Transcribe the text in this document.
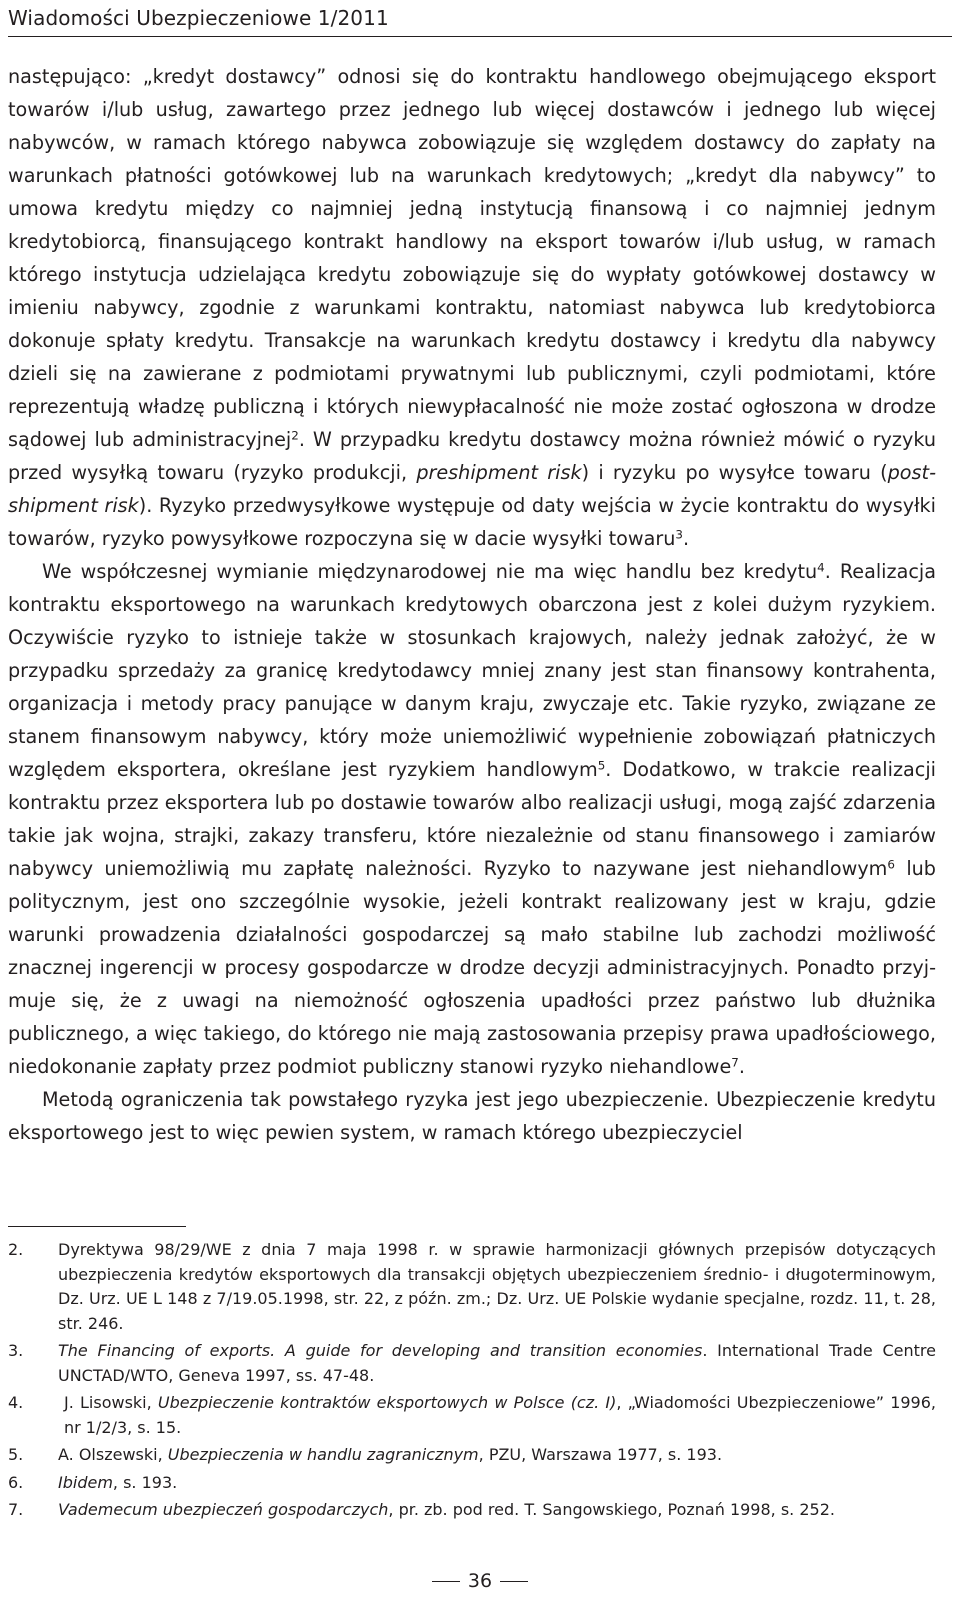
Wiadomości Ubezpieczeniowe 1/2011

następująco: „kredyt dostawcy” odnosi się do kontraktu handlowego obejmującego eksport towarów i/lub usług, zawartego przez jednego lub więcej dostawców i jednego lub więcej nabywców, w ramach którego nabywca zobowiązuje się względem dostawcy do zapłaty na warunkach płatności gotówkowej lub na warunkach kredytowych; „kredyt dla nabywcy” to umowa kredytu między co najmniej jedną instytucją finansową i co najmniej jednym kredytobiorcą, finansującego kontrakt handlowy na eksport towarów i/lub usług, w ramach którego instytucja udzielająca kredytu zobowiązuje się do wypłaty gotówkowej dostawcy w imieniu nabywcy, zgodnie z warunkami kontraktu, natomiast nabywca lub kredytobiorca dokonuje spłaty kredytu. Transakcje na warunkach kredytu dostawcy i kredytu dla nabywcy dzieli się na zawierane z podmiotami prywatnymi lub publicznymi, czyli podmiotami, które reprezentują władzę publiczną i których niewypłacalność nie może zostać ogłoszona w drodze sądowej lub administracyjnej$^2$. W przypadku kredytu dostawcy można również mówić o ryzyku przed wysyłką towaru (ryzyko produkcji, preshipment risk) i ryzyku po wysyłce towaru (post-shipment risk). Ryzyko przedwysyłkowe występuje od daty wejścia w życie kontraktu do wysyłki towarów, ryzyko powysyłkowe rozpoczyna się w dacie wysyłki towaru$^3$.

We współczesnej wymianie międzynarodowej nie ma więc handlu bez kredytu$^4$. Realizacja kontraktu eksportowego na warunkach kredytowych obarczona jest z kolei dużym ryzykiem. Oczywiście ryzyko to istnieje także w stosunkach krajowych, należy jednak założyć, że w przypadku sprzedaży za granicę kredytodawcy mniej znany jest stan finansowy kontrahenta, organizacja i metody pracy panujące w danym kraju, zwyczaje etc. Takie ryzyko, związane ze stanem finansowym nabywcy, który może uniemożliwić wypełnienie zobowiązań płatniczych względem eksportera, określane jest ryzykiem handlowym$^5$. Dodatkowo, w trakcie realizacji kontraktu przez eksportera lub po dostawie towarów albo realizacji usługi, mogą zajść zdarzenia takie jak wojna, strajki, zakazy transferu, które niezależnie od stanu finansowego i zamiarów nabywcy uniemożliwią mu zapłatę należności. Ryzyko to nazywane jest niehandlowym$^6$ lub politycznym, jest ono szczególnie wysokie, jeżeli kontrakt realizowany jest w kraju, gdzie warunki prowadzenia działalności gospodarczej są mało stabilne lub zachodzi możliwość znacznej ingerencji w procesy gospodarcze w drodze decyzji administracyjnych. Ponadto przyjmuje się, że z uwagi na niemożność ogłoszenia upadłości przez państwo lub dłużnika publicznego, a więc takiego, do którego nie mają zastosowania przepisy prawa upadłościowego, niedokonanie zapłaty przez podmiot publiczny stanowi ryzyko niehandlowe$^7$.

Metodą ograniczenia tak powstałego ryzyka jest jego ubezpieczenie. Ubezpieczenie kredytu eksportowego jest to więc pewien system, w ramach którego ubezpieczyciel

2. Dyrektywa 98/29/WE z dnia 7 maja 1998 r. w sprawie harmonizacji głównych przepisów dotyczących ubezpieczenia kredytów eksportowych dla transakcji objętych ubezpieczeniem średnio- i długoterminowym, Dz. Urz. UE L 148 z 7/19.05.1998, str. 22, z późn. zm.; Dz. Urz. UE Polskie wydanie specjalne, rozdz. 11, t. 28, str. 246.
3. The Financing of exports. A guide for developing and transition economies. International Trade Centre UNCTAD/WTO, Geneva 1997, ss. 47-48.
4.	J. Lisowski, Ubezpieczenie kontraktów eksportowych w Polsce (cz. I), „Wiadomości Ubezpieczeniowe” 1996, nr 1/2/3, s. 15.
5. A. Olszewski, Ubezpieczenia w handlu zagranicznym, PZU, Warszawa 1977, s. 193.
6. Ibidem, s. 193.
7. Vademecum ubezpieczeń gospodarczych, pr. zb. pod red. T. Sangowskiego, Poznań 1998, s. 252.
36
